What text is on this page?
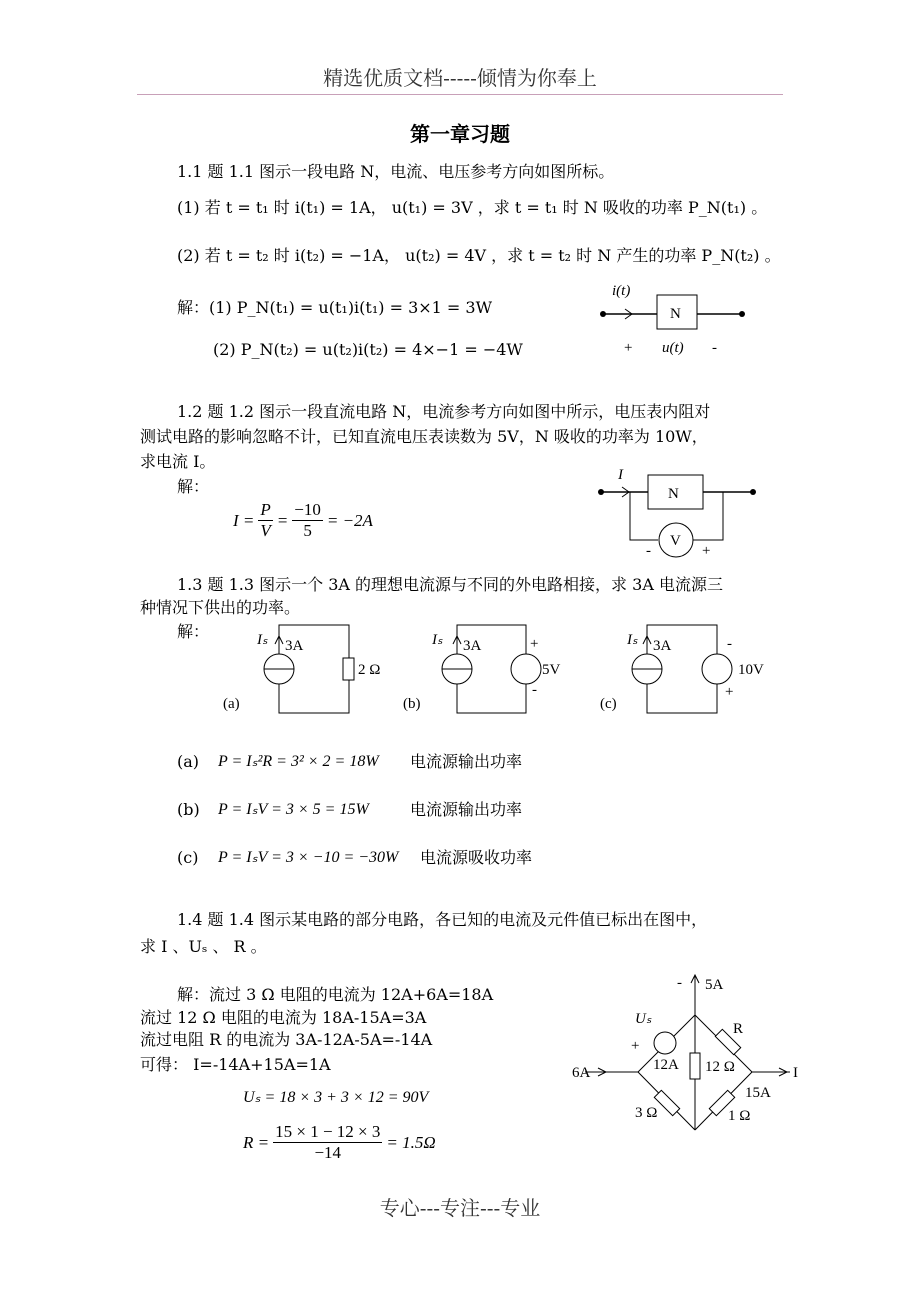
精选优质文档-----倾情为你奉上
第一章习题
1.1 题 1.1 图示一段电路 N，电流、电压参考方向如图所标。
(1) 若 t = t₁ 时 i(t₁) = 1A， u(t₁) = 3V ，求 t = t₁ 时 N 吸收的功率 P_N(t₁) 。
(2) 若 t = t₂ 时 i(t₂) = −1A， u(t₂) = 4V ，求 t = t₂ 时 N 产生的功率 P_N(t₂) 。
解：(1) P_N(t₁) = u(t₁)i(t₁) = 3×1 = 3W
(2) P_N(t₂) = u(t₂)i(t₂) = 4×−1 = −4W
i(t)
N
+ u(t) -
1.2 题 1.2 图示一段直流电路 N，电流参考方向如图中所示，电压表内阻对
测试电路的影响忽略不计，已知直流电压表读数为 5V，N 吸收的功率为 10W，
求电流 I。
解：
$I = \frac{P}{V} = \frac{-10}{5} = -2A$
I
N
V
-	+
1.3 题 1.3 图示一个 3A 的理想电流源与不同的外电路相接，求 3A 电流源三
种情况下供出的功率。
解：	Iₛ 3A
2 Ω
(a)
Iₛ 3A
5V
+
-
(b)
Iₛ 3A
10V
-
+
(c)
(a) P = Iₛ²R = 3² × 2 = 18W 电流源输出功率
(b) P = IₛV = 3 × 5 = 15W	电流源输出功率
(c) P = IₛV = 3 × −10 = −30W 电流源吸收功率
1.4 题 1.4 图示某电路的部分电路，各已知的电流及元件值已标出在图中，
求 I 、Uₛ 、 R 。
解：流过 3 Ω 电阻的电流为 12A+6A=18A
流过 12 Ω 电阻的电流为 18A-15A=3A
流过电阻 R 的电流为 3A-12A-5A=-14A
可得： I=-14A+15A=1A
Uₛ = 18 × 3 + 3 × 12 = 90V
$R = \frac{15 \times 1 - 12 \times 3}{-14} = 1.5\Omega$
5A
Uₛ
-
+
R
6A	12A 12 Ω	I
15A
3 Ω	1 Ω
专心---专注---专业
